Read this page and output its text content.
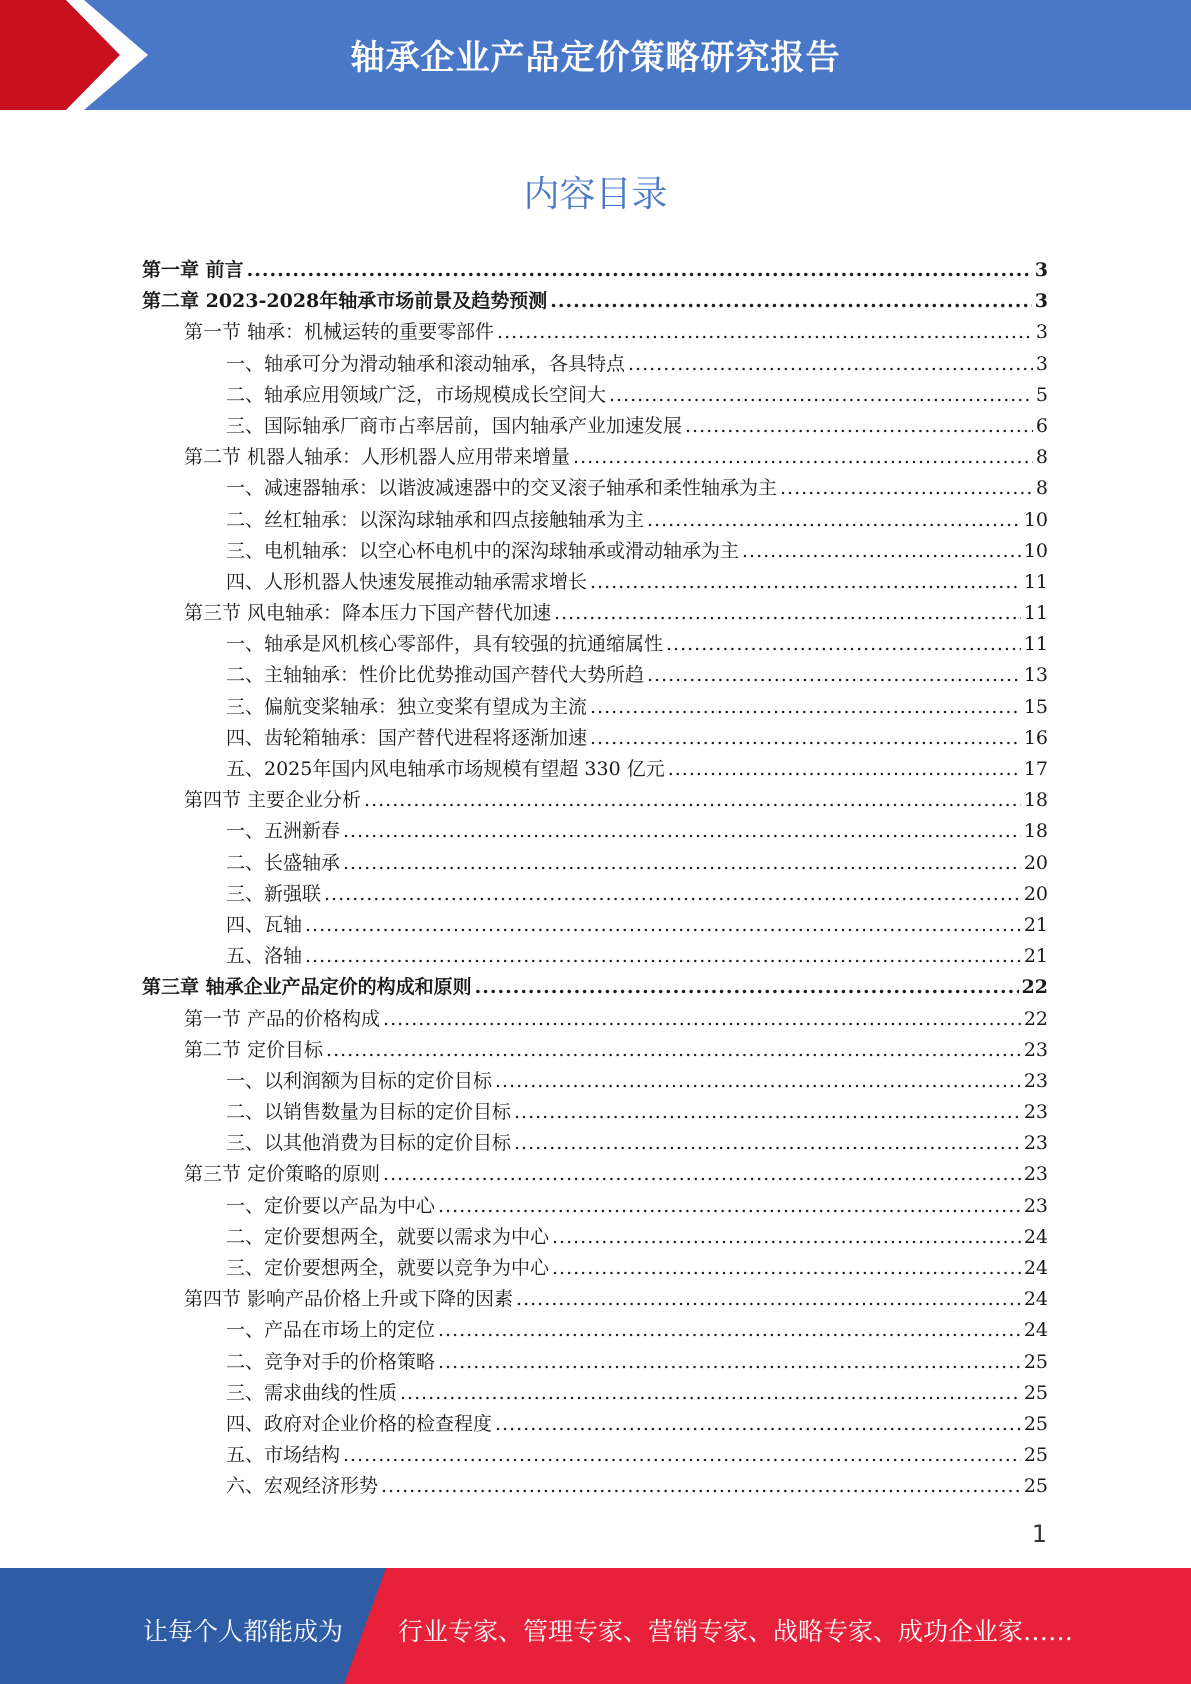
轴承企业产品定价策略研究报告
内容目录
第一章 前言 .....	3
第二章 2023-2028年轴承市场前景及趋势预测 .....	3
第一节 轴承：机械运转的重要零部件 .....	3
一、轴承可分为滑动轴承和滚动轴承，各具特点 .....	3
二、轴承应用领域广泛，市场规模成长空间大 .....	5
三、国际轴承厂商市占率居前，国内轴承产业加速发展 .....	6
第二节 机器人轴承：人形机器人应用带来增量 .....	8
一、减速器轴承：以谐波减速器中的交叉滚子轴承和柔性轴承为主 .....	8
二、丝杠轴承：以深沟球轴承和四点接触轴承为主 .....	10
三、电机轴承：以空心杯电机中的深沟球轴承或滑动轴承为主 .....	10
四、人形机器人快速发展推动轴承需求增长 .....	11
第三节 风电轴承：降本压力下国产替代加速 .....	11
一、轴承是风机核心零部件，具有较强的抗通缩属性 .....	11
二、主轴轴承：性价比优势推动国产替代大势所趋 .....	13
三、偏航变桨轴承：独立变桨有望成为主流 .....	15
四、齿轮箱轴承：国产替代进程将逐渐加速 .....	16
五、2025年国内风电轴承市场规模有望超 330 亿元 .....	17
第四节 主要企业分析 .....	18
一、五洲新春 .....	18
二、长盛轴承 .....	20
三、新强联 .....	20
四、瓦轴 .....	21
五、洛轴 .....	21
第三章 轴承企业产品定价的构成和原则 .....	22
第一节 产品的价格构成 .....	22
第二节 定价目标 .....	23
一、以利润额为目标的定价目标 .....	23
二、以销售数量为目标的定价目标 .....	23
三、以其他消费为目标的定价目标 .....	23
第三节 定价策略的原则 .....	23
一、定价要以产品为中心 .....	23
二、定价要想两全，就要以需求为中心 .....	24
三、定价要想两全，就要以竞争为中心 .....	24
第四节 影响产品价格上升或下降的因素 .....	24
一、产品在市场上的定位 .....	24
二、竞争对手的价格策略 .....	25
三、需求曲线的性质 .....	25
四、政府对企业价格的检查程度 .....	25
五、市场结构 .....	25
六、宏观经济形势 .....	25
1
让每个人都能成为 行业专家、管理专家、营销专家、战略专家、成功企业家……
